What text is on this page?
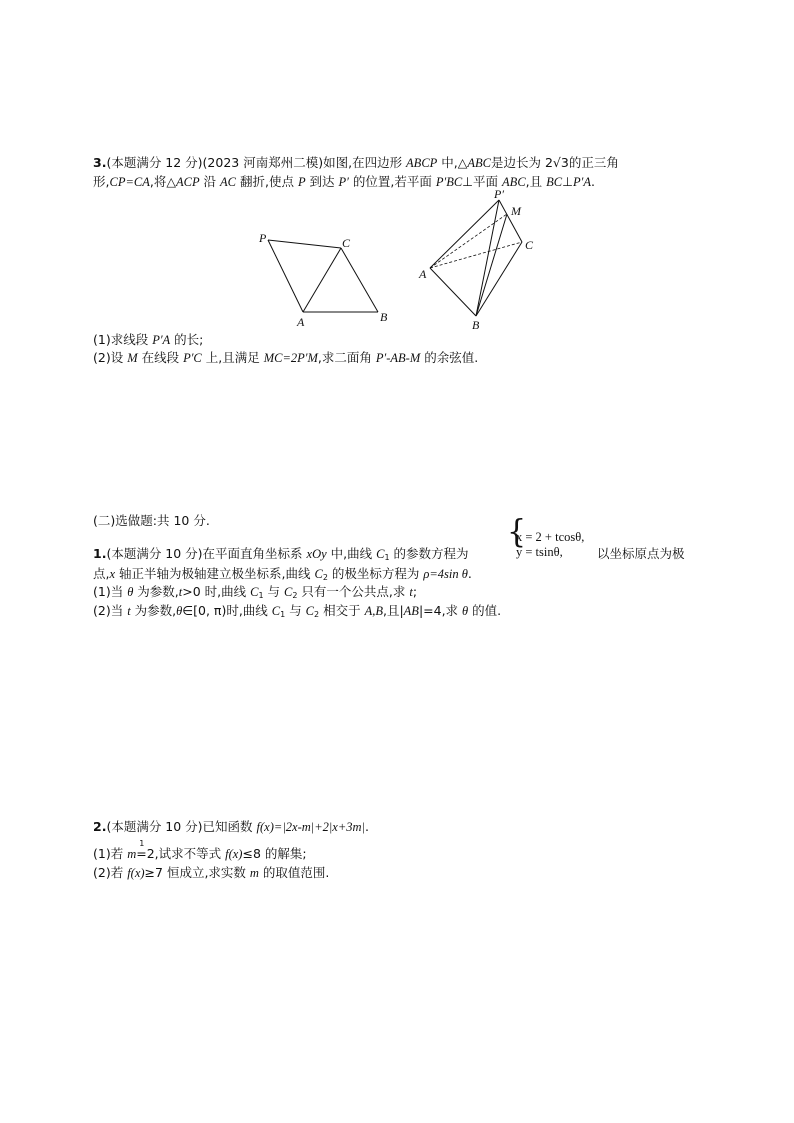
3.(本题满分 12 分)(2023 河南郑州二模)如图,在四边形 ABCP 中,△ABC是边长为 2√3的正三角
形,CP=CA,将△ACP 沿 AC 翻折,使点 P 到达 P′ 的位置,若平面 P′BC⊥平面 ABC,且 BC⊥P′A.
P	C
A	B
P′
M
C
A
B
(1)求线段 P′A 的长;
(2)设 M 在线段 P′C 上,且满足 MC=2P′M,求二面角 P′-AB-M 的余弦值.
(二)选做题:共 10 分.
1.(本题满分 10 分)在平面直角坐标系 xOy 中,曲线 $C_1$ 的参数方程为
{
x = 2 + tcosθ,
y = tsinθ,	以坐标原点为极
点,x 轴正半轴为极轴建立极坐标系,曲线 $C_2$ 的极坐标方程为 ρ=4sin θ.
(1)当 θ 为参数,t>0 时,曲线 $C_1$ 与 $C_2$ 只有一个公共点,求 t;
(2)当 t 为参数,θ∈[0, π)时,曲线 $C_1$ 与 $C_2$ 相交于 A,B,且|AB|=4,求 θ 的值.
2.(本题满分 10 分)已知函数 f(x)=|2x-m|+2|x+3m|.
(1)若 m
1
=2,试求不等式 f(x)≤8 的解集;
(2)若 f(x)≥7 恒成立,求实数 m 的取值范围.
